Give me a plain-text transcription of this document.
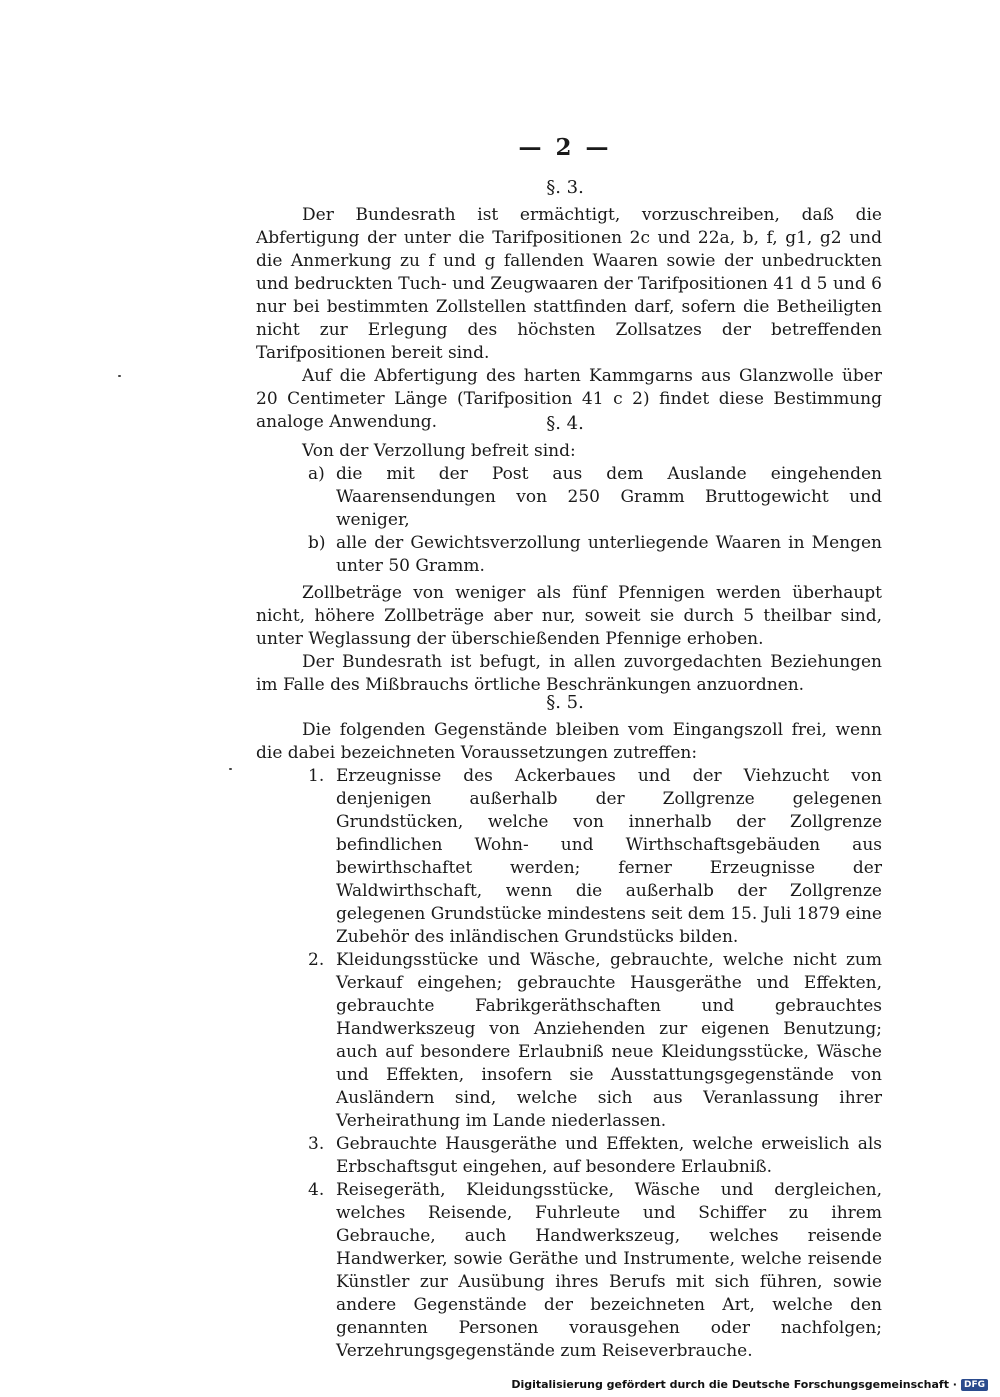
— 2 —
§. 3.

Der Bundesrath ist ermächtigt, vorzuschreiben, daß die Abfertigung der unter die Tarifpositionen 2c und 22a, b, f, g1, g2 und die Anmerkung zu f und g fallenden Waaren sowie der unbedruckten und bedruckten Tuch- und Zeugwaaren der Tarifpositionen 41 d 5 und 6 nur bei bestimmten Zollstellen stattfinden darf, sofern die Betheiligten nicht zur Erlegung des höchsten Zollsatzes der betreffenden Tarifpositionen bereit sind.

Auf die Abfertigung des harten Kammgarns aus Glanzwolle über 20 Centimeter Länge (Tarifposition 41 c 2) findet diese Bestimmung analoge Anwendung.	§. 4.

Von der Verzollung befreit sind:

a) die mit der Post aus dem Auslande eingehenden Waarensendungen von 250 Gramm Bruttogewicht und weniger,

b) alle der Gewichtsverzollung unterliegende Waaren in Mengen unter 50 Gramm.

Zollbeträge von weniger als fünf Pfennigen werden überhaupt nicht, höhere Zollbeträge aber nur, soweit sie durch 5 theilbar sind, unter Weglassung der überschießenden Pfennige erhoben.

Der Bundesrath ist befugt, in allen zuvorgedachten Beziehungen im Falle des Mißbrauchs örtliche Beschränkungen anzuordnen.

§. 5.

Die folgenden Gegenstände bleiben vom Eingangszoll frei, wenn die dabei bezeichneten Voraussetzungen zutreffen:

1. Erzeugnisse des Ackerbaues und der Viehzucht von denjenigen außerhalb der Zollgrenze gelegenen Grundstücken, welche von innerhalb der Zollgrenze befindlichen Wohn- und Wirthschaftsgebäuden aus bewirthschaftet werden; ferner Erzeugnisse der Waldwirthschaft, wenn die außerhalb der Zollgrenze gelegenen Grundstücke mindestens seit dem 15. Juli 1879 eine Zubehör des inländischen Grundstücks bilden.

2. Kleidungsstücke und Wäsche, gebrauchte, welche nicht zum Verkauf eingehen; gebrauchte Hausgeräthe und Effekten, gebrauchte Fabrikgeräthschaften und gebrauchtes Handwerkszeug von Anziehenden zur eigenen Benutzung; auch auf besondere Erlaubniß neue Kleidungsstücke, Wäsche und Effekten, insofern sie Ausstattungsgegenstände von Ausländern sind, welche sich aus Veranlassung ihrer Verheirathung im Lande niederlassen.

3. Gebrauchte Hausgeräthe und Effekten, welche erweislich als Erbschaftsgut eingehen, auf besondere Erlaubniß.

4. Reisegeräth, Kleidungsstücke, Wäsche und dergleichen, welches Reisende, Fuhrleute und Schiffer zu ihrem Gebrauche, auch Handwerkszeug, welches reisende Handwerker, sowie Geräthe und Instrumente, welche reisende Künstler zur Ausübung ihres Berufs mit sich führen, sowie andere Gegenstände der bezeichneten Art, welche den genannten Personen vorausgehen oder nachfolgen; Verzehrungsgegenstände zum Reiseverbrauche.

Digitalisierung gefördert durch die Deutsche Forschungsgemeinschaft · DFG
